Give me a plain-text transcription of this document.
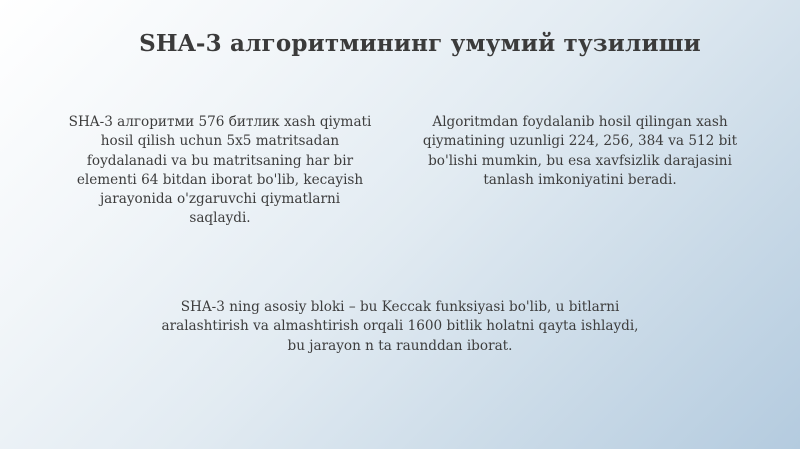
SHA-3 алгоритмининг умумий тузилиши
SHA-3 алгоритми 576 битлик xash qiymati
hosil qilish uchun 5x5 matritsadan
foydalanadi va bu matritsaning har bir
elementi 64 bitdan iborat bo'lib, kecayish
jarayonida o'zgaruvchi qiymatlarni
saqlaydi.
Algoritmdan foydalanib hosil qilingan xash
qiymatining uzunligi 224, 256, 384 va 512 bit
bo'lishi mumkin, bu esa xavfsizlik darajasini
tanlash imkoniyatini beradi.
SHA-3 ning asosiy bloki – bu Keccak funksiyasi bo'lib, u bitlarni
aralashtirish va almashtirish orqali 1600 bitlik holatni qayta ishlaydi,
bu jarayon n ta raunddan iborat.
